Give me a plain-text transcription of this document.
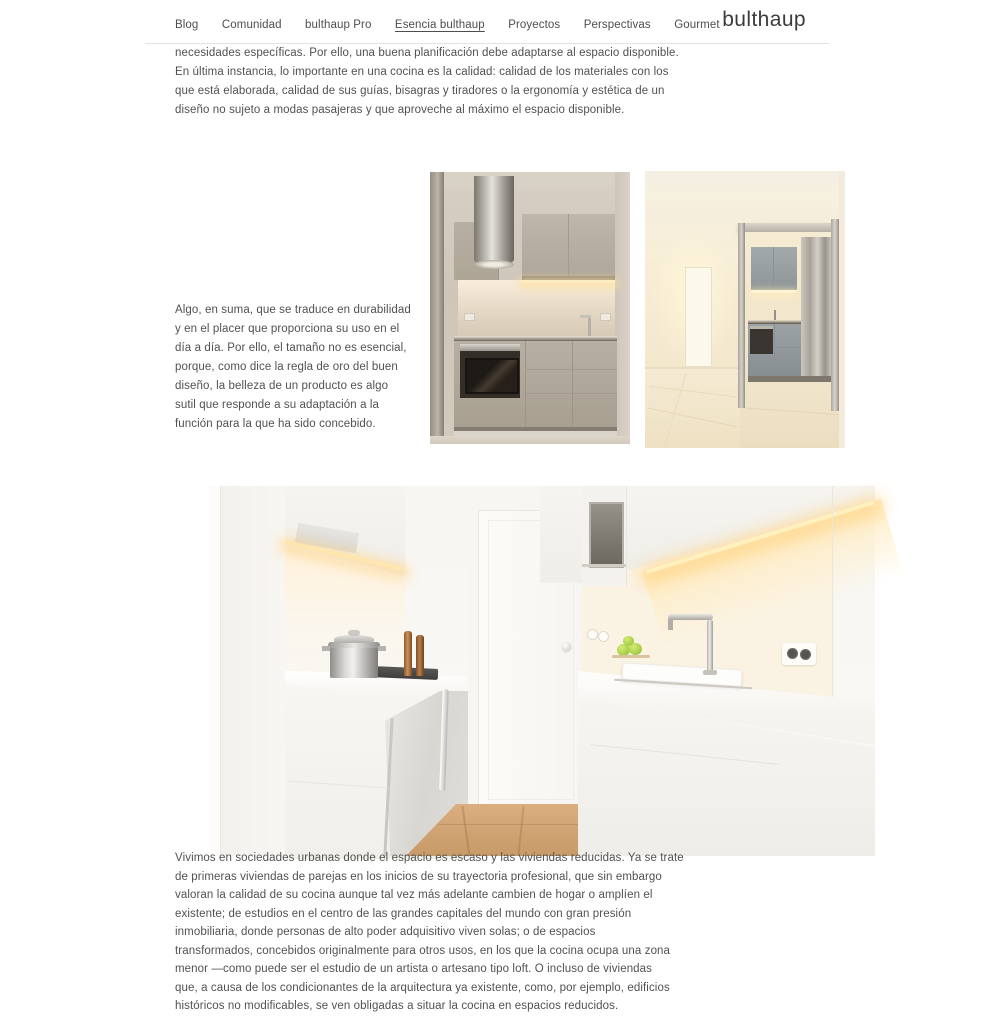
Blog Comunidad bulthaup Pro Esencia bulthaup Proyectos Perspectivas Gourmet bulthaup
necesidades específicas. Por ello, una buena planificación debe adaptarse al espacio disponible.
En última instancia, lo importante en una cocina es la calidad: calidad de los materiales con los
que está elaborada, calidad de sus guías, bisagras y tiradores o la ergonomía y estética de un
diseño no sujeto a modas pasajeras y que aproveche al máximo el espacio disponible.
Algo, en suma, que se traduce en durabilidad
y en el placer que proporciona su uso en el
día a día. Por ello, el tamaño no es esencial,
porque, como dice la regla de oro del buen
diseño, la belleza de un producto es algo
sutil que responde a su adaptación a la
función para la que ha sido concebido.
Vivimos en sociedades urbanas donde el espacio es escaso y las viviendas reducidas. Ya se trate
de primeras viviendas de parejas en los inicios de su trayectoria profesional, que sin embargo
valoran la calidad de su cocina aunque tal vez más adelante cambien de hogar o amplíen el
existente; de estudios en el centro de las grandes capitales del mundo con gran presión
inmobiliaria, donde personas de alto poder adquisitivo viven solas; o de espacios
transformados, concebidos originalmente para otros usos, en los que la cocina ocupa una zona
menor —como puede ser el estudio de un artista o artesano tipo loft. O incluso de viviendas
que, a causa de los condicionantes de la arquitectura ya existente, como, por ejemplo, edificios
históricos no modificables, se ven obligadas a situar la cocina en espacios reducidos.
